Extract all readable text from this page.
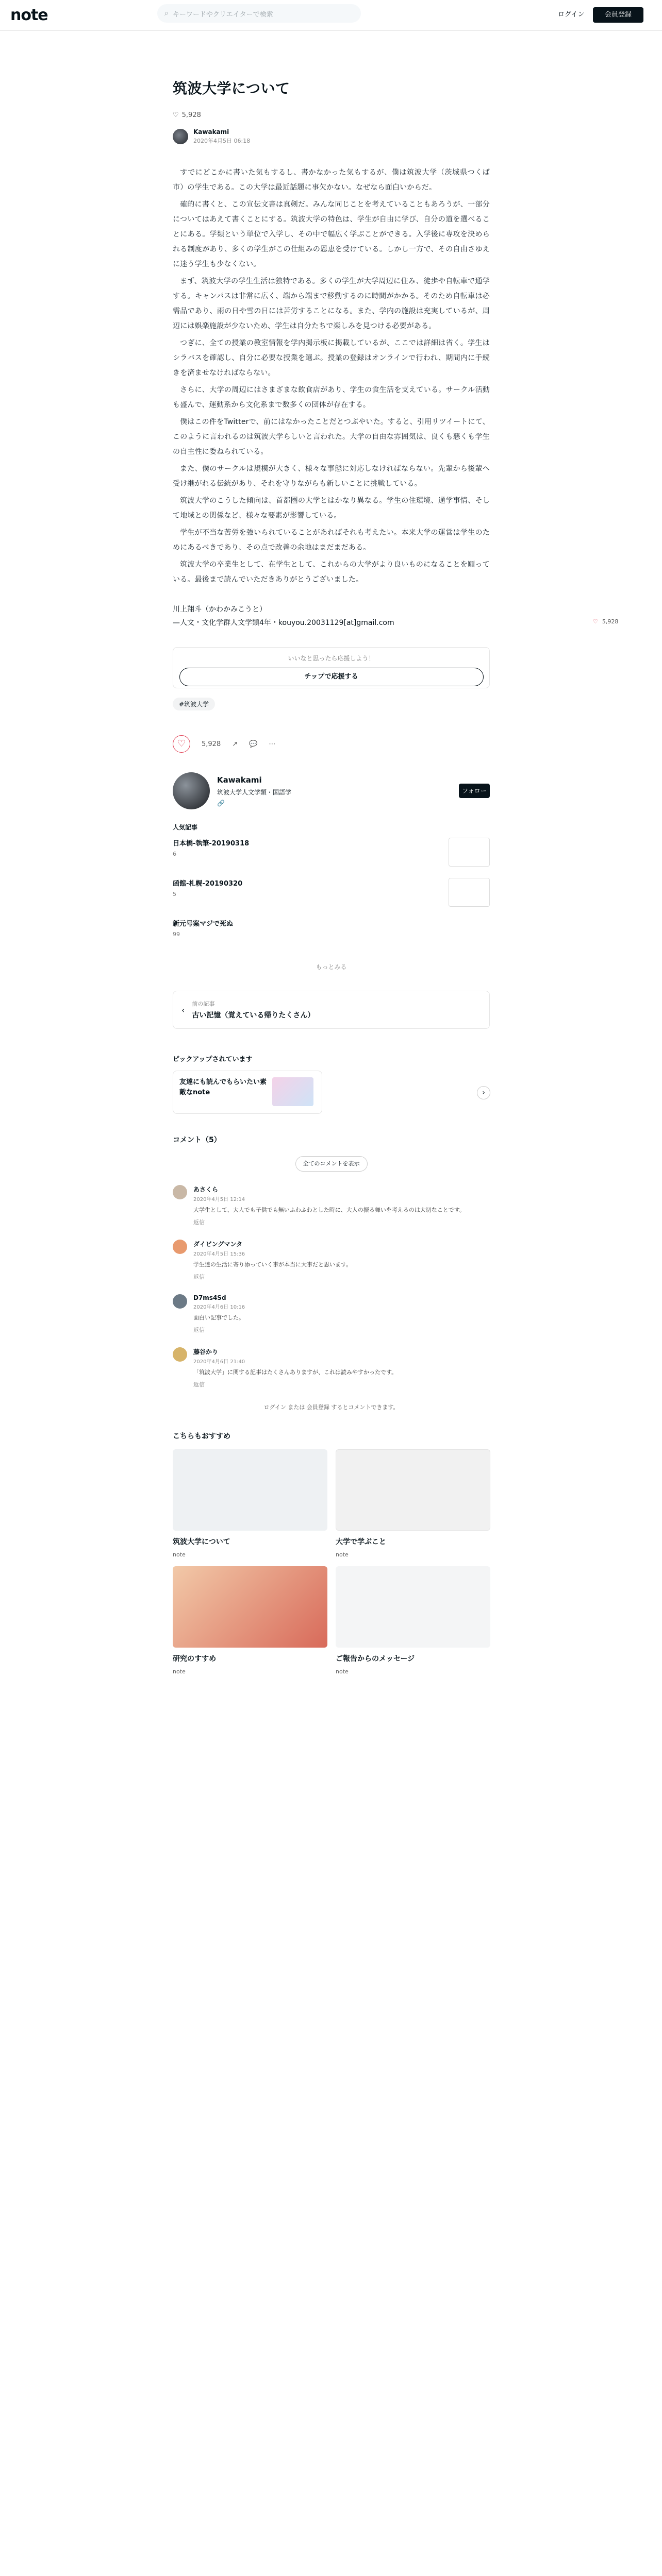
note	⌕ キーワードやクリエイターで検索	ログイン	会員登録
♡ 5,928
筑波大学について
♡ 5,928
Kawakami
2020年4月5日 06:18

すでにどこかに書いた気もするし、書かなかった気もするが、僕は筑波大学（茨城県つくば市）の学生である。この大学は最近話題に事欠かない。なぜなら面白いからだ。

確的に書くと、この宣伝文書は真剣だ。みんな同じことを考えていることもあろうが、一部分についてはあえて書くことにする。筑波大学の特色は、学生が自由に学び、自分の道を選べることにある。学類という単位で入学し、その中で幅広く学ぶことができる。入学後に専攻を決められる制度があり、多くの学生がこの仕組みの恩恵を受けている。しかし一方で、その自由さゆえに迷う学生も少なくない。

まず、筑波大学の学生生活は独特である。多くの学生が大学周辺に住み、徒歩や自転車で通学する。キャンパスは非常に広く、端から端まで移動するのに時間がかかる。そのため自転車は必需品であり、雨の日や雪の日には苦労することになる。また、学内の施設は充実しているが、周辺には娯楽施設が少ないため、学生は自分たちで楽しみを見つける必要がある。

つぎに、全ての授業の教室情報を学内掲示板に掲載しているが、ここでは詳細は省く。学生はシラバスを確認し、自分に必要な授業を選ぶ。授業の登録はオンラインで行われ、期間内に手続きを済ませなければならない。

さらに、大学の周辺にはさまざまな飲食店があり、学生の食生活を支えている。サークル活動も盛んで、運動系から文化系まで数多くの団体が存在する。

僕はこの件をTwitterで、前にはなかったことだとつぶやいた。すると、引用リツイートにて、このように言われるのは筑波大学らしいと言われた。大学の自由な雰囲気は、良くも悪くも学生の自主性に委ねられている。

また、僕のサークルは規模が大きく、様々な事態に対応しなければならない。先輩から後輩へ受け継がれる伝統があり、それを守りながらも新しいことに挑戦している。

筑波大学のこうした傾向は、首都圏の大学とはかなり異なる。学生の住環境、通学事情、そして地域との関係など、様々な要素が影響している。

学生が不当な苦労を強いられていることがあればそれも考えたい。本来大学の運営は学生のためにあるべきであり、その点で改善の余地はまだまだある。

筑波大学の卒業生として、在学生として、これからの大学がより良いものになることを願っている。最後まで読んでいただきありがとうございました。

川上翔斗（かわかみこうと）
—人文・文化学群人文学類4年・kouyou.20031129[at]gmail.com
いいなと思ったら応援しよう！
チップで応援する
#筑波大学
♡	5,928 ↗ 💬 ⋯
Kawakami
筑波大学人文学類・国語学
🔗
フォロー
人気記事
日本橋-執筆-20190318
6
函館-札幌-20190320
5
新元号案マジで死ぬ
99
もっとみる
‹
前の記事
古い記憶（覚えている帰りたくさん）
ピックアップされています
友達にも読んでもらいたい素敵なnote	›
コメント（5）
全てのコメントを表示
あさくら
2020年4月5日 12:14
大学生として、大人でも子供でも無いふわふわとした時に、大人の振る舞いを考えるのは大切なことです。
返信
ダイビングマンタ
2020年4月5日 15:36
学生達の生活に寄り添っていく事が本当に大事だと思います。
返信
D7ms4Sd
2020年4月6日 10:16
面白い記事でした。
返信
藤谷かり
2020年4月6日 21:40
「筑波大学」に関する記事はたくさんありますが、これは読みやすかったです。
返信
ログイン または 会員登録 するとコメントできます。
こちらもおすすめ
筑波大学について
note
大学で学ぶこと
note
研究のすすめ
note
ご報告からのメッセージ
note
